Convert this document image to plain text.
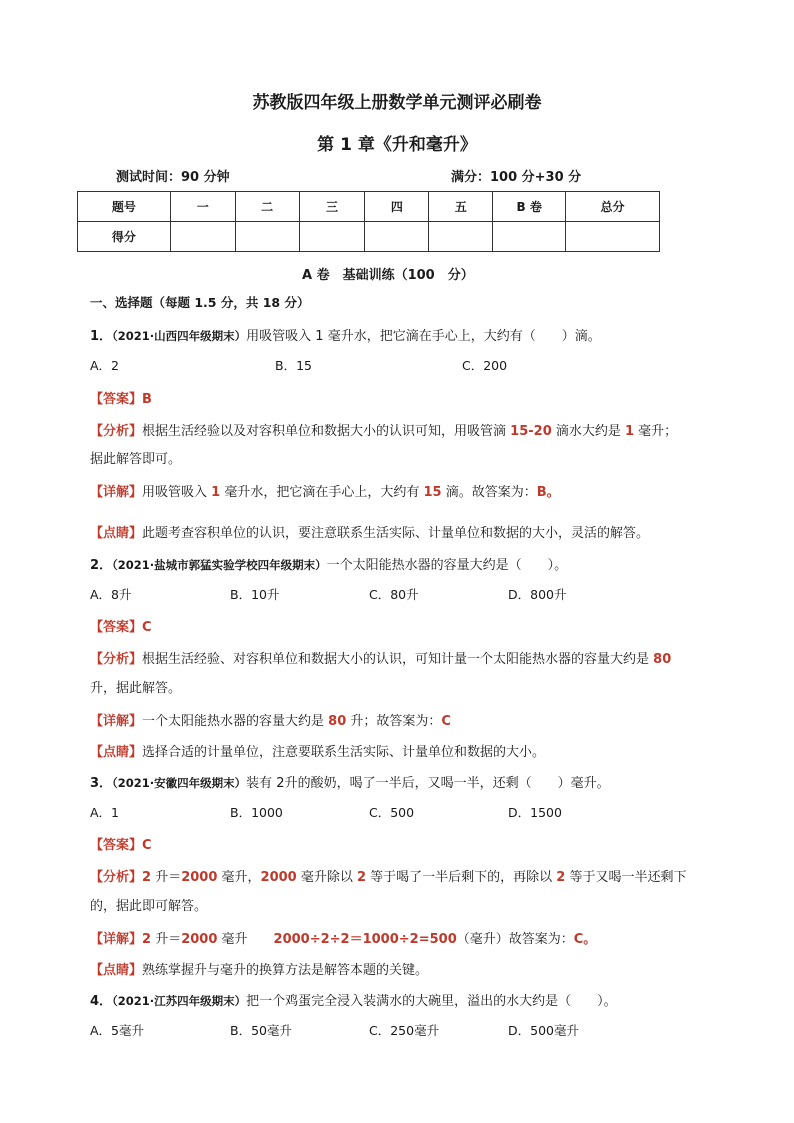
苏教版四年级上册数学单元测评必刷卷
第 1 章《升和毫升》
测试时间：90 分钟	满分：100 分+30 分
题号	一	二	三	四	五	B 卷	总分
得分							
A 卷　基础训练（100　分）
一、选择题（每题 1.5 分，共 18 分）
1．（2021·山西四年级期末）用吸管吸入 1 毫升水，把它滴在手心上，大约有（　　）滴。
A．2	B．15	C．200
【答案】B
【分析】根据生活经验以及对容积单位和数据大小的认识可知，用吸管滴 15-20 滴水大约是 1 毫升；
据此解答即可。
【详解】用吸管吸入 1 毫升水，把它滴在手心上，大约有 15 滴。故答案为：B。
【点睛】此题考查容积单位的认识，要注意联系生活实际、计量单位和数据的大小，灵活的解答。
2．（2021·盐城市郭猛实验学校四年级期末）一个太阳能热水器的容量大约是（　　）。
A．8升	B．10升	C．80升	D．800升
【答案】C
【分析】根据生活经验、对容积单位和数据大小的认识，可知计量一个太阳能热水器的容量大约是 80
升，据此解答。
【详解】一个太阳能热水器的容量大约是 80 升；故答案为：C
【点睛】选择合适的计量单位，注意要联系生活实际、计量单位和数据的大小。
3．（2021·安徽四年级期末）装有 2升的酸奶，喝了一半后，又喝一半，还剩（　　）毫升。
A．1	B．1000	C．500	D．1500
【答案】C
【分析】2 升＝2000 毫升，2000 毫升除以 2 等于喝了一半后剩下的，再除以 2 等于又喝一半还剩下
的，据此即可解答。
【详解】2 升＝2000 毫升　　2000÷2÷2＝1000÷2=500（毫升）故答案为：C。
【点睛】熟练掌握升与毫升的换算方法是解答本题的关键。
4．（2021·江苏四年级期末）把一个鸡蛋完全浸入装满水的大碗里，溢出的水大约是（　　）。
A．5毫升	B．50毫升	C．250毫升	D．500毫升
